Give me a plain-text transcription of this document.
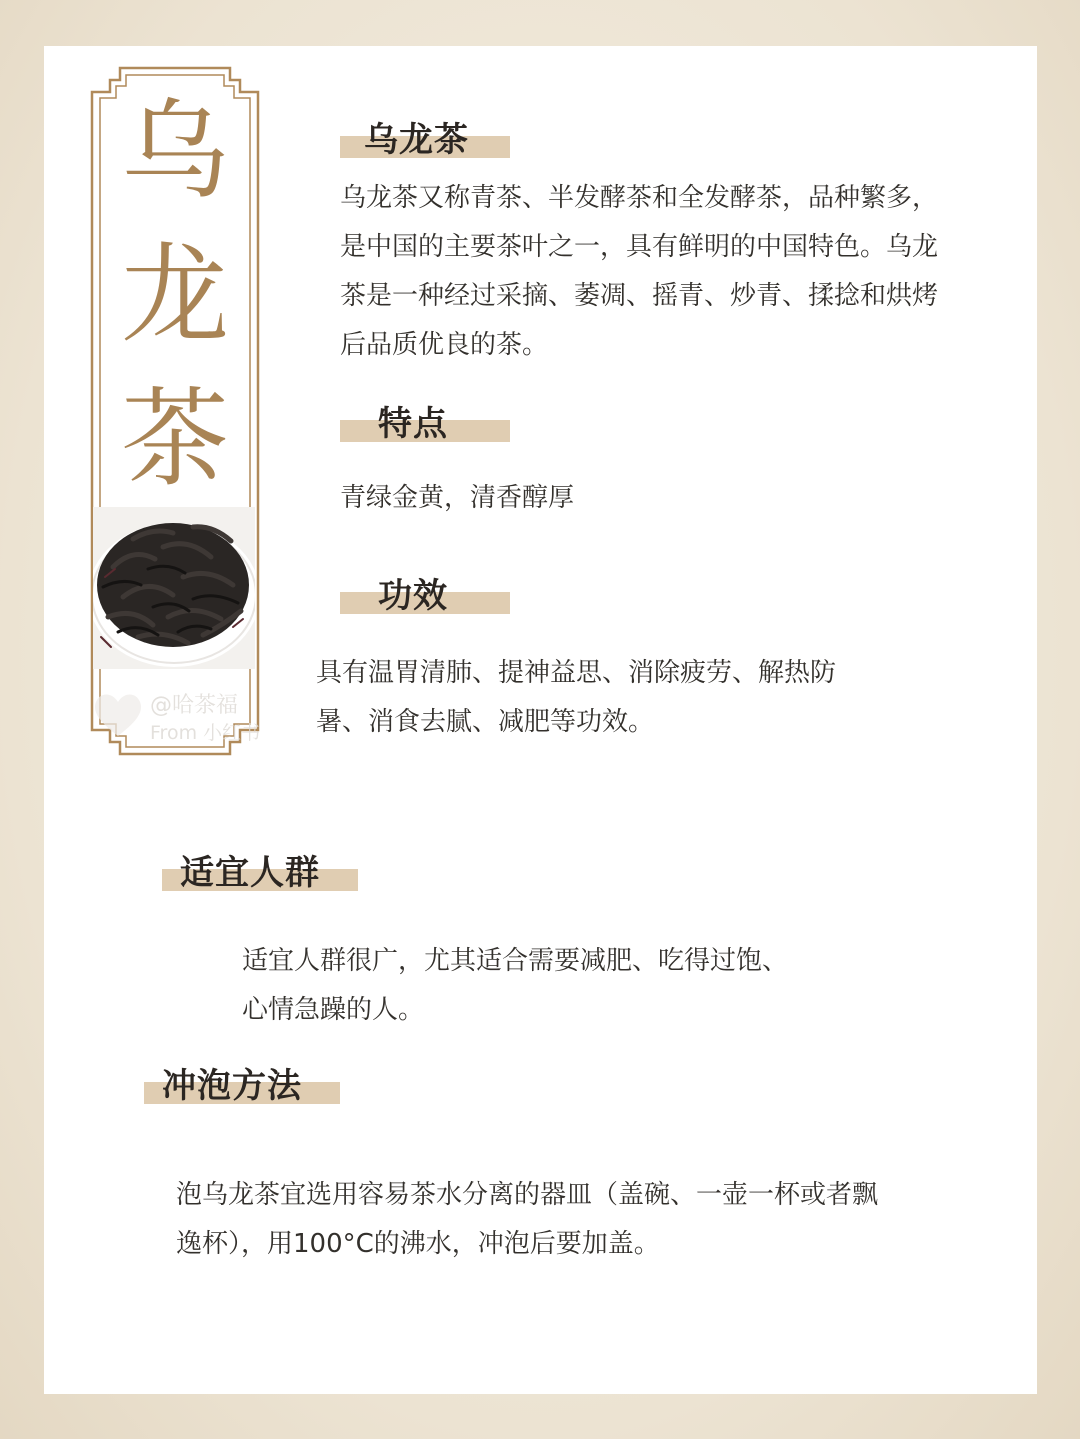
乌
龙
茶
@哈茶福
From 小红书
乌龙茶
乌龙茶又称青茶、半发酵茶和全发酵茶，品种繁多，
是中国的主要茶叶之一，具有鲜明的中国特色。乌龙
茶是一种经过采摘、萎凋、摇青、炒青、揉捻和烘烤
后品质优良的茶。
特点
青绿金黄，清香醇厚
功效
具有温胃清肺、提神益思、消除疲劳、解热防
暑、消食去腻、减肥等功效。
适宜人群
适宜人群很广，尤其适合需要减肥、吃得过饱、
心情急躁的人。
冲泡方法
泡乌龙茶宜选用容易茶水分离的器皿（盖碗、一壶一杯或者飘
逸杯），用100°C的沸水，冲泡后要加盖。
